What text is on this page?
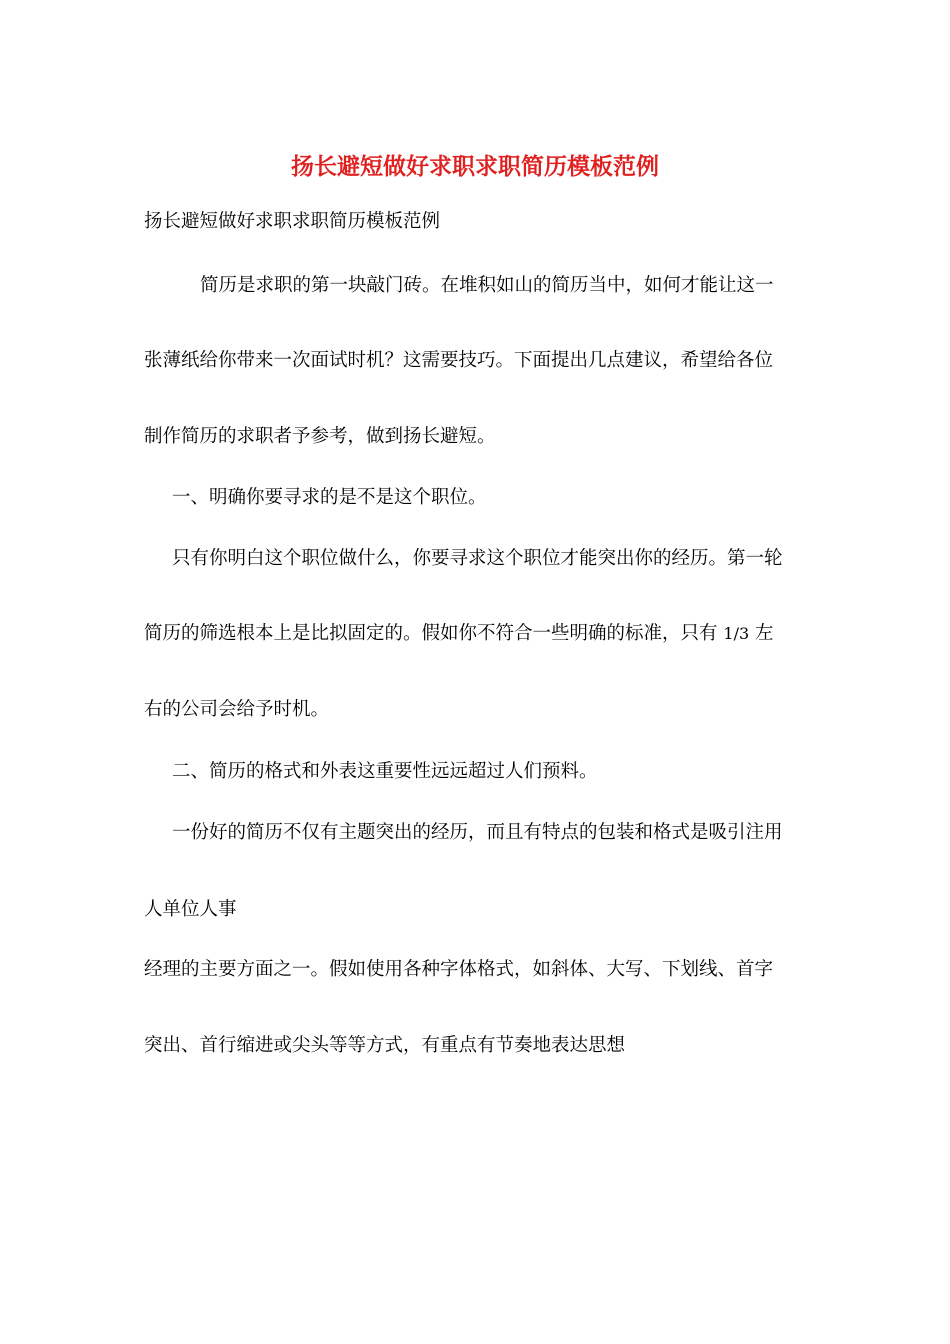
扬长避短做好求职求职简历模板范例
扬长避短做好求职求职简历模板范例
简历是求职的第一块敲门砖。在堆积如山的简历当中，如何才能让这一
张薄纸给你带来一次面试时机？这需要技巧。下面提出几点建议，希望给各位
制作简历的求职者予参考，做到扬长避短。
一、明确你要寻求的是不是这个职位。
只有你明白这个职位做什么，你要寻求这个职位才能突出你的经历。第一轮
简历的筛选根本上是比拟固定的。假如你不符合一些明确的标准，只有 1/3 左
右的公司会给予时机。
二、简历的格式和外表这重要性远远超过人们预料。
一份好的简历不仅有主题突出的经历，而且有特点的包装和格式是吸引注用
人单位人事
经理的主要方面之一。假如使用各种字体格式，如斜体、大写、下划线、首字
突出、首行缩进或尖头等等方式，有重点有节奏地表达思想
